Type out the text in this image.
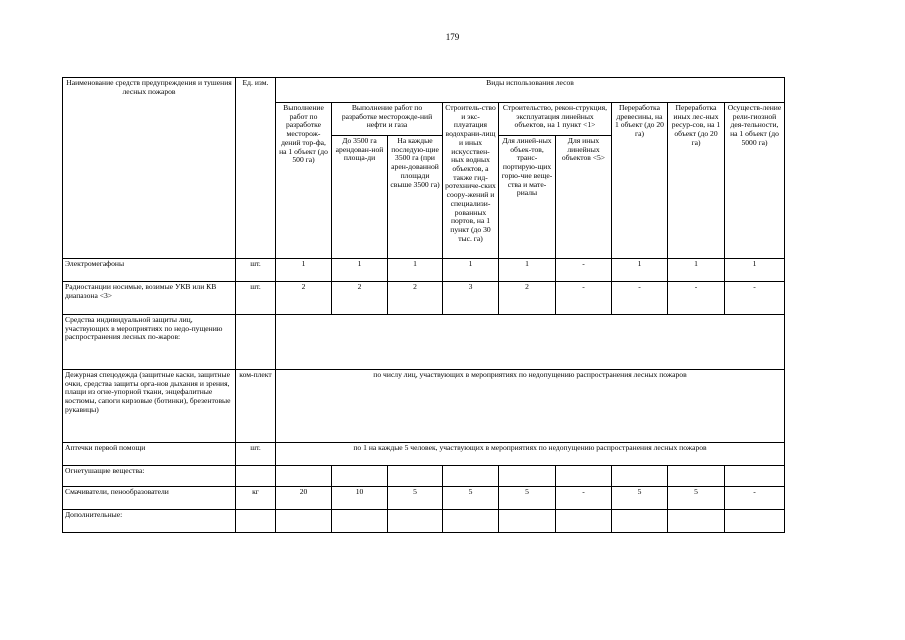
179
Наименование средств предупреждения и тушения лесных пожаров	Ед. изм.	Виды использования лесов								
		Выполнение работ по разработке месторож-дений тор-фа, на 1 объект (до 500 га)	Выполнение работ по разработке месторожде-ний нефти и газа		Строитель-ство и экс-плуатация водохрани-лищ и иных искусствен-ных водных объектов, а также гид-ротехниче-ских соору-жений и специализи-рованных портов, на 1 пункт (до 30 тыс. га)	Строительство, рекон-струкция, эксплуатация линейных объектов, на 1 пункт <1>		Переработка древесины, на 1 объект (до 20 га)	Переработка иных лес-ных ресур-сов, на 1 объект (до 20 га)	Осуществ-ление рели-гиозной дея-тельности, на 1 объект (до 5000 га)
			До 3500 га арендован-ной площа-ди	На каждые последую-щие 3500 га (при арен-дованной площади свыше 3500 га)		Для линей-ных объек-тов, транс-портирую-щих горю-чие веще-ства и мате-риалы	Для иных линейных объектов <5>			
Электромегафоны	шт.	1	1	1	1	1	-	1	1	1
Радиостанции носимые, возимые УКВ или КВ диапазона <3>	шт.	2	2	2	3	2	-	-	-	-
Средства индивидуальной защиты лиц, участвующих в мероприятиях по недо-пущению распространения лесных по-жаров:										
Дежурная спецодежда (защитные каски, защитные очки, средства защиты орга-нов дыхания и зрения, плащи из огне-упорной ткани, энцефалитные костюмы, сапоги кирзовые (ботинки), брезентовые рукавицы)	ком-плект	по числу лиц, участвующих в мероприятиях по недопущению распространения лесных пожаров								
Аптечки первой помощи	шт.	по 1 на каждые 5 человек, участвующих в мероприятиях по недопущению распространения лесных пожаров								
Огнетушащие вещества:										
Смачиватели, пенообразователи	кг	20	10	5	5	5	-	5	5	-
Дополнительные:										
